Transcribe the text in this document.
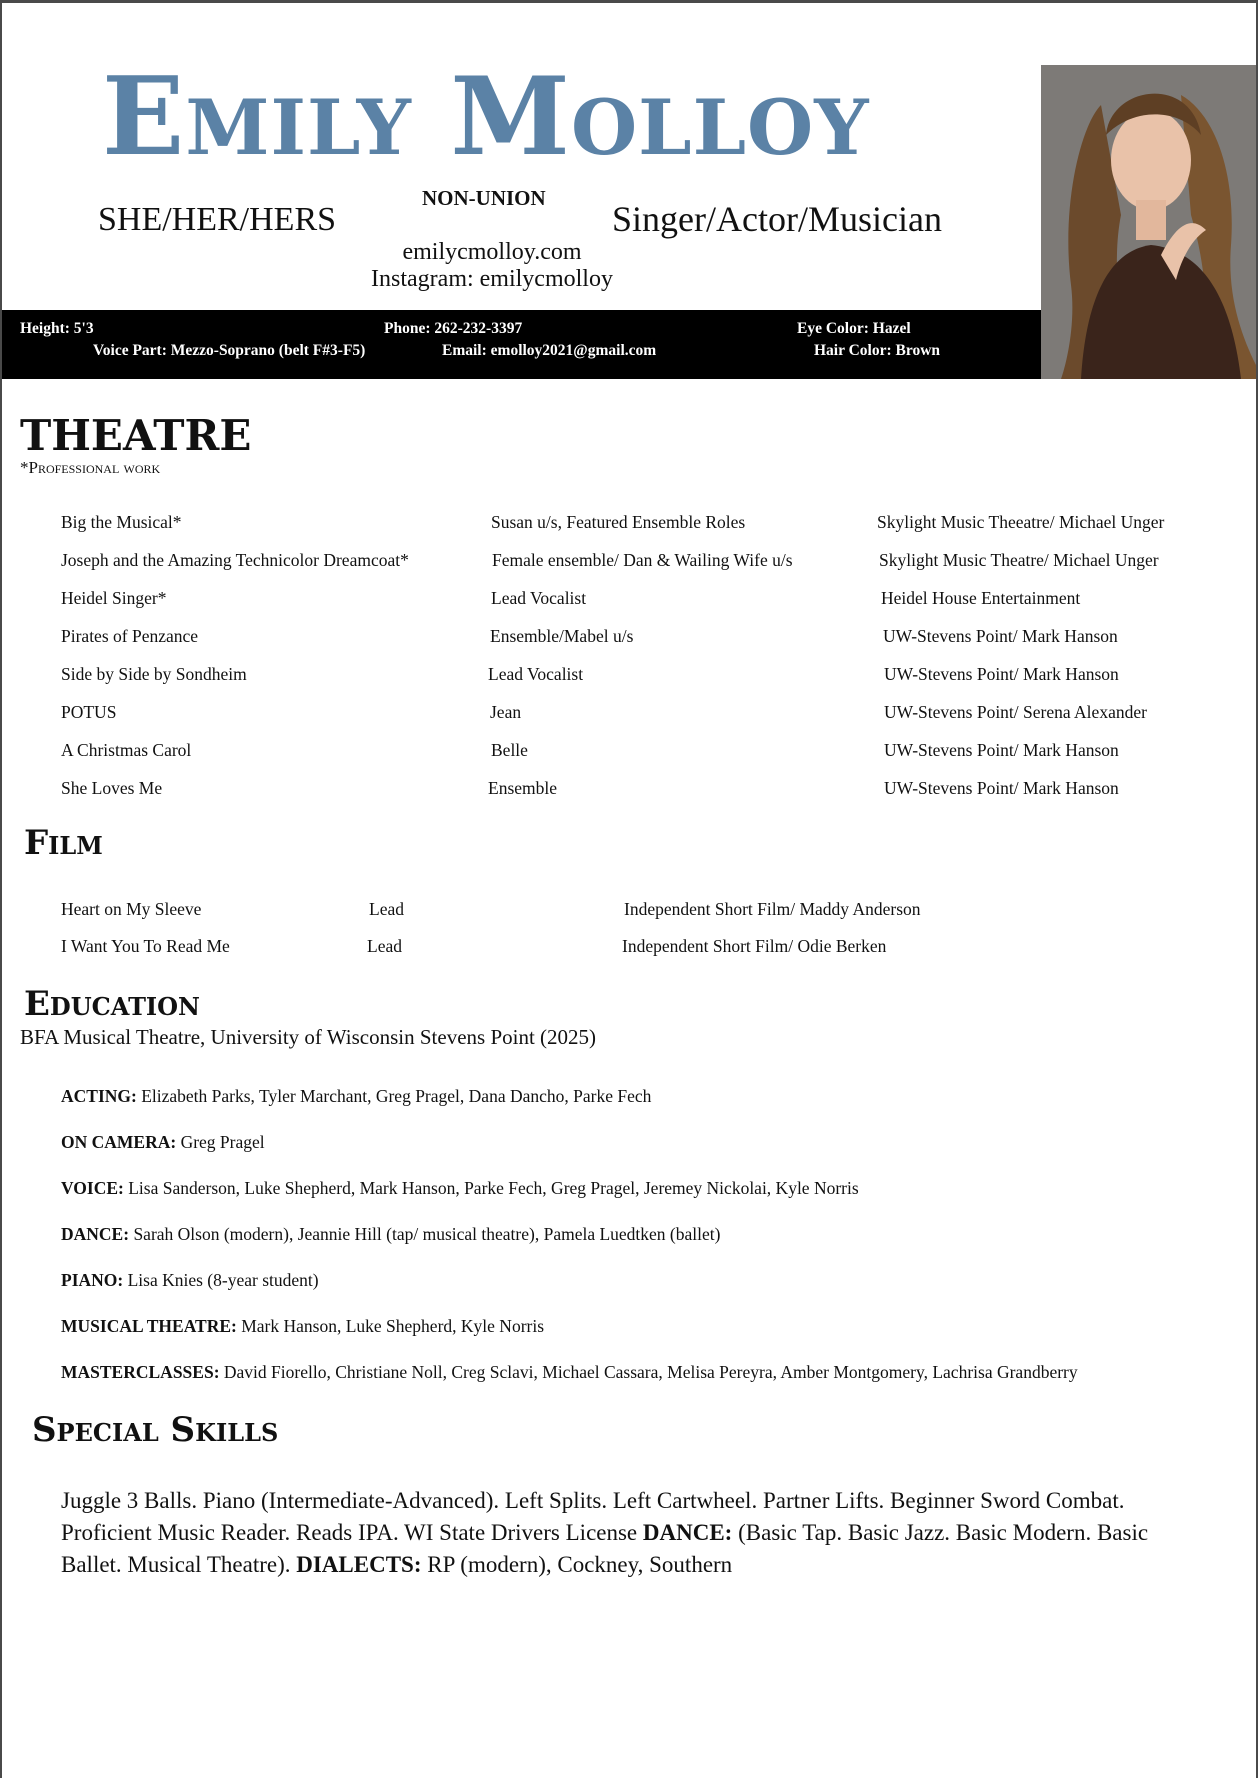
Emily Molloy
SHE/HER/HERS
NON-UNION
Singer/Actor/Musician
emilycmolloy.com
Instagram: emilycmolloy
Height: 5'3	Phone: 262-232-3397	Eye Color: Hazel
Voice Part: Mezzo-Soprano (belt F#3-F5)	Email: emolloy2021@gmail.com	Hair Color: Brown
THEATRE
*Professional work
Big the Musical*	Susan u/s, Featured Ensemble Roles	Skylight Music Theeatre/ Michael Unger
Joseph and the Amazing Technicolor Dreamcoat*	Female ensemble/ Dan & Wailing Wife u/s	Skylight Music Theatre/ Michael Unger
Heidel Singer*	Lead Vocalist	Heidel House Entertainment
Pirates of Penzance	Ensemble/Mabel u/s	UW-Stevens Point/ Mark Hanson
Side by Side by Sondheim	Lead Vocalist	UW-Stevens Point/ Mark Hanson
POTUS	Jean	UW-Stevens Point/ Serena Alexander
A Christmas Carol	Belle	UW-Stevens Point/ Mark Hanson
She Loves Me	Ensemble	UW-Stevens Point/ Mark Hanson
Film
Heart on My Sleeve	Lead	Independent Short Film/ Maddy Anderson
I Want You To Read Me	Lead	Independent Short Film/ Odie Berken
Education
BFA Musical Theatre, University of Wisconsin Stevens Point (2025)
ACTING: Elizabeth Parks, Tyler Marchant, Greg Pragel, Dana Dancho, Parke Fech
ON CAMERA: Greg Pragel
VOICE: Lisa Sanderson, Luke Shepherd, Mark Hanson, Parke Fech, Greg Pragel, Jeremey Nickolai, Kyle Norris
DANCE: Sarah Olson (modern), Jeannie Hill (tap/ musical theatre), Pamela Luedtken (ballet)
PIANO: Lisa Knies (8-year student)
MUSICAL THEATRE: Mark Hanson, Luke Shepherd, Kyle Norris
MASTERCLASSES: David Fiorello, Christiane Noll, Creg Sclavi, Michael Cassara, Melisa Pereyra, Amber Montgomery, Lachrisa Grandberry
Special Skills
Juggle 3 Balls. Piano (Intermediate-Advanced). Left Splits. Left Cartwheel. Partner Lifts. Beginner Sword Combat. Proficient Music Reader. Reads IPA. WI State Drivers License DANCE: (Basic Tap. Basic Jazz. Basic Modern. Basic Ballet. Musical Theatre). DIALECTS: RP (modern), Cockney, Southern
